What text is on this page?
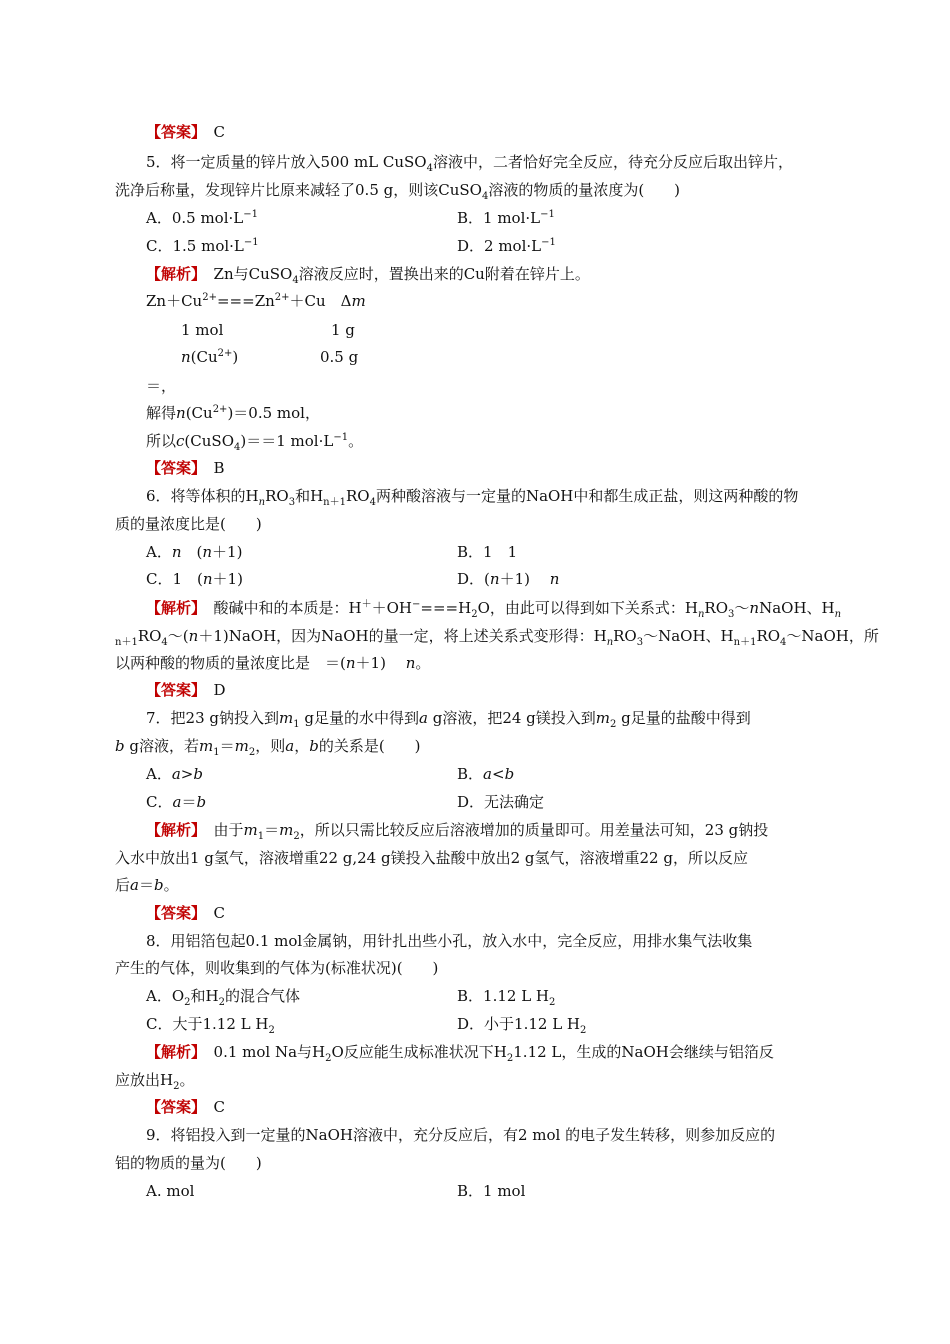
【答案】　 C
5．将一定质量的锌片放入500 mL CuSO$_4$溶液中，二者恰好完全反应，待充分反应后取出锌片，
洗净后称量，发现锌片比原来减轻了0.5 g，则该CuSO$_4$溶液的物质的量浓度为(　　)
A．0.5 $mol\cdot L^{-1}$	B．1 $mol\cdot L^{-1}$
C．1.5 $mol\cdot L^{-1}$	D．2 $mol\cdot L^{-1}$
【解析】　 Zn与CuSO$_4$溶液反应时，置换出来的Cu附着在锌片上。
$Zn+Cu^{2+}===Zn^{2+}+Cu$　Δm
1 mol	1 g
$n(Cu^{2+})$	0.5 g
＝，
解得$n(Cu^{2+})=0.5$ mol，
所以c(CuSO$_4$)＝＝1 $mol\cdot L^{-1}$。
【答案】　 B
6．将等体积的$H_nRO_3$和$H_{n+1}RO_4$两种酸溶液与一定量的NaOH中和都生成正盐，则这两种酸的物
质的量浓度比是(　　)
A．n　(n＋1)	B．1　1
C．1　(n＋1)	D．(n＋1)　 n
【解析】　 酸碱中和的本质是：$H^++OH^-===H_2O$，由此可以得到如下关系式：$H_nRO_3\sim nNaOH$、$H_n$
$_{n+1}RO_4\sim(n+1)NaOH$，因为NaOH的量一定，将上述关系式变形得：$H_nRO_3\sim NaOH$、$H_{n+1}RO_4\sim NaOH$，所
以两种酸的物质的量浓度比是　＝(n＋1)　 n。
【答案】　 D
7．把23 g钠投入到$m_1$ g足量的水中得到a g溶液，把24 g镁投入到$m_2$ g足量的盐酸中得到
b g溶液，若$m_1=m_2$，则a，b的关系是(　　)
A．a>b	B．a<b
C．a＝b	D．无法确定
【解析】　 由于$m_1=m_2$，所以只需比较反应后溶液增加的质量即可。用差量法可知，23 g钠投
入水中放出1 g氢气，溶液增重22 g,24 g镁投入盐酸中放出2 g氢气，溶液增重22 g，所以反应
后a＝b。
【答案】　 C
8．用铝箔包起0.1 mol金属钠，用针扎出些小孔，放入水中，完全反应，用排水集气法收集
产生的气体，则收集到的气体为(标准状况)(　　)
A．$O_2$和$H_2$的混合气体	B．1.12 L $H_2$
C．大于1.12 L $H_2$	D．小于1.12 L $H_2$
【解析】　 0.1 mol Na与$H_2O$反应能生成标准状况下$H_21.12$ L，生成的NaOH会继续与铝箔反
应放出$H_2$。
【答案】　 C
9．将铝投入到一定量的NaOH溶液中，充分反应后，有2 mol 的电子发生转移，则参加反应的
铝的物质的量为(　　)
A. mol	B．1 mol
